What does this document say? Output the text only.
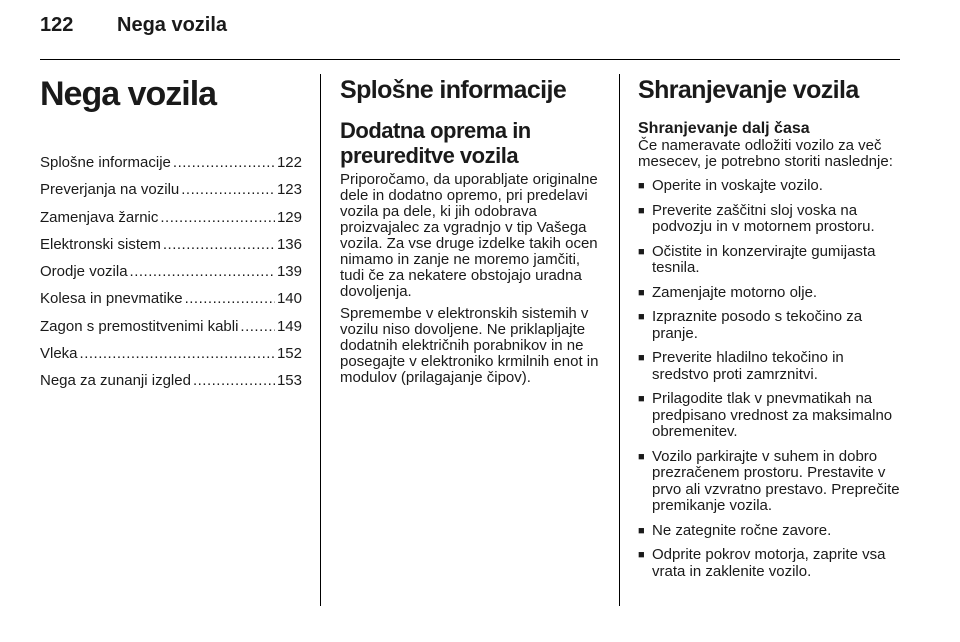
122 Nega vozila
Nega vozila
Splošne informacije .....	122
Preverjanja na vozilu .....	123
Zamenjava žarnic .....	129
Elektronski sistem .....	136
Orodje vozila .....	139
Kolesa in pnevmatike .....	140
Zagon s premostitvenimi kabli .....	149
Vleka .....	152
Nega za zunanji izgled .....	153
Splošne informacije
Dodatna oprema in preureditve vozila

Priporočamo, da uporabljate originalne dele in dodatno opremo, pri predelavi vozila pa dele, ki jih odobrava proizvajalec za vgradnjo v tip Vašega vozila. Za vse druge izdelke takih ocen nimamo in zanje ne moremo jamčiti, tudi če za nekatere obstojajo uradna dovoljenja.

Spremembe v elektronskih sistemih v vozilu niso dovoljene. Ne priklapljajte dodatnih električnih porabnikov in ne posegajte v elektroniko krmilnih enot in modulov (prilagajanje čipov).

Shranjevanje vozila
Shranjevanje dalj časa

Če nameravate odložiti vozilo za več mesecev, je potrebno storiti naslednje:

■ Operite in voskajte vozilo.
■ Preverite zaščitni sloj voska na podvozju in v motornem prostoru.
■ Očistite in konzervirajte gumijasta tesnila.
■ Zamenjajte motorno olje.
■ Izpraznite posodo s tekočino za pranje.
■ Preverite hladilno tekočino in sredstvo proti zamrznitvi.
■ Prilagodite tlak v pnevmatikah na predpisano vrednost za maksimalno obremenitev.
■ Vozilo parkirajte v suhem in dobro prezračenem prostoru. Prestavite v prvo ali vzvratno prestavo. Preprečite premikanje vozila.
■ Ne zategnite ročne zavore.
■ Odprite pokrov motorja, zaprite vsa vrata in zaklenite vozilo.
